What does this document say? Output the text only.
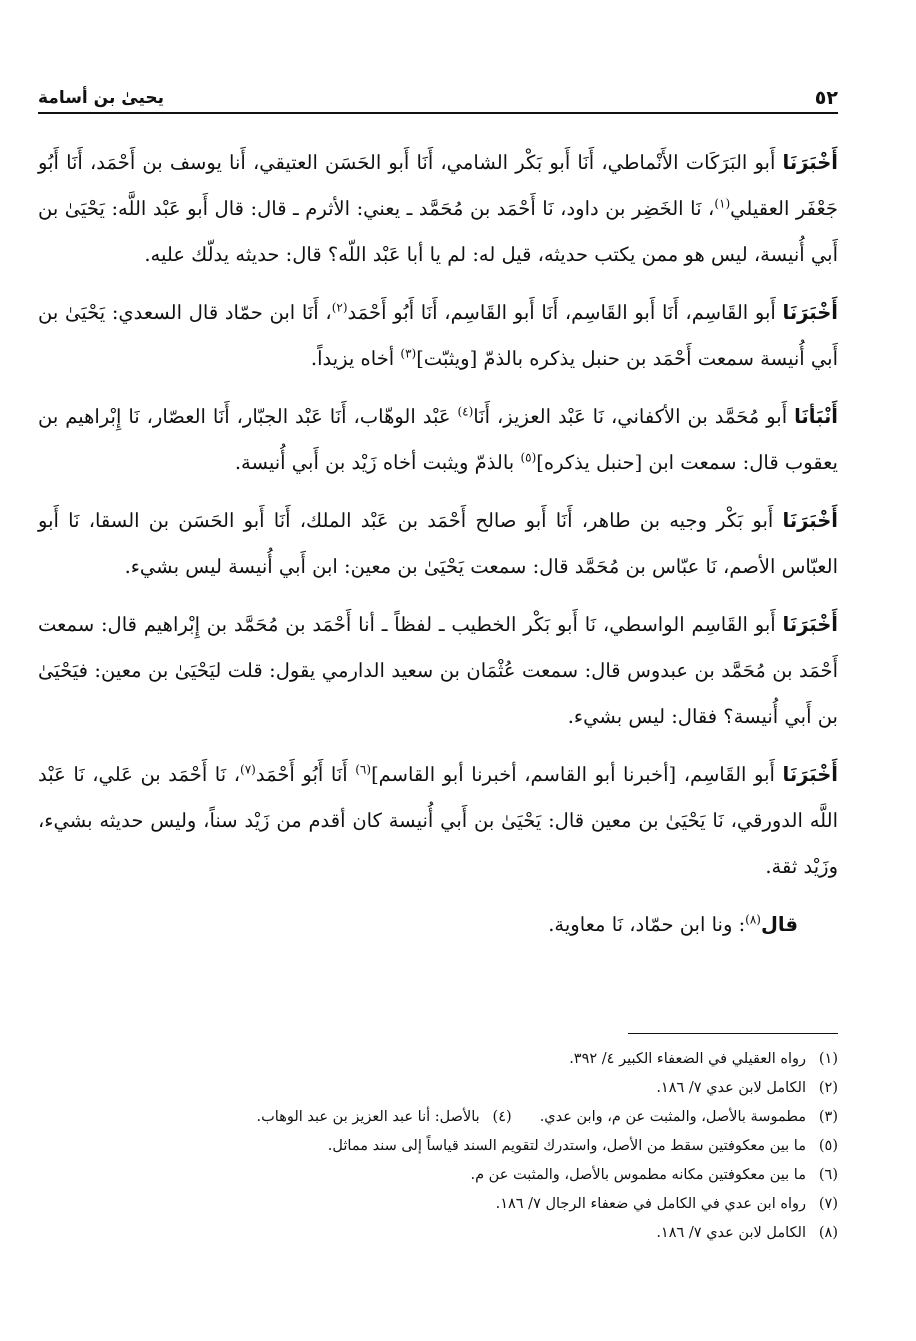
٥٢
يحيىٰ بن أسامة

أَخْبَرَنَا أَبو البَرَكَات الأَنْماطي، أَنَا أَبو بَكْر الشامي، أَنَا أَبو الحَسَن العتيقي، أَنا يوسف بن أَحْمَد، أَنَا أَبُو جَعْفَر العقيلي$^{(١)}$، نَا الخَضِر بن داود، نَا أَحْمَد بن مُحَمَّد ـ يعني: الأثرم ـ قال: قال أَبو عَبْد اللَّه: يَحْيَىٰ بن أَبي أُنيسة، ليس هو ممن يكتب حديثه، قيل له: لم يا أبا عَبْد اللّه؟ قال: حديثه يدلّك عليه.

أَخْبَرَنَا أَبو القَاسِم، أَنَا أَبو القَاسِم، أَنَا أَبو القَاسِم، أَنَا أَبُو أَحْمَد$^{(٢)}$، أَنَا ابن حمّاد قال السعدي: يَحْيَىٰ بن أَبي أُنيسة سمعت أَحْمَد بن حنبل يذكره بالذمّ [ويثبّت]$^{(٣)}$ أخاه يزيداً.

أَنْبَأنَا أَبو مُحَمَّد بن الأكفاني، نَا عَبْد العزيز، أَنَا$^{(٤)}$ عَبْد الوهّاب، أَنَا عَبْد الجبّار، أَنَا العصّار، نَا إِبْراهيم بن يعقوب قال: سمعت ابن [حنبل يذكره]$^{(٥)}$ بالذمّ ويثبت أخاه زَيْد بن أَبي أُنيسة.

أَخْبَرَنَا أَبو بَكْر وجيه بن طاهر، أَنَا أَبو صالح أَحْمَد بن عَبْد الملك، أَنَا أَبو الحَسَن بن السقا، نَا أَبو العبّاس الأصم، نَا عبّاس بن مُحَمَّد قال: سمعت يَحْيَىٰ بن معين: ابن أَبي أُنيسة ليس بشيء.

أَخْبَرَنَا أَبو القَاسِم الواسطي، نَا أَبو بَكْر الخطيب ـ لفظاً ـ أنا أَحْمَد بن مُحَمَّد بن إِبْراهيم قال: سمعت أَحْمَد بن مُحَمَّد بن عبدوس قال: سمعت عُثْمَان بن سعيد الدارمي يقول: قلت ليَحْيَىٰ بن معين: فيَحْيَىٰ بن أَبي أُنيسة؟ فقال: ليس بشيء.

أَخْبَرَنَا أَبو القَاسِم، [أخبرنا أبو القاسم، أخبرنا أبو القاسم]$^{(٦)}$ أَنَا أَبُو أَحْمَد$^{(٧)}$، نَا أَحْمَد بن عَلي، نَا عَبْد اللَّه الدورقي، نَا يَحْيَىٰ بن معين قال: يَحْيَىٰ بن أَبي أُنيسة كان أقدم من زَيْد سناً، وليس حديثه بشيء، وزَيْد ثقة.

قال$^{(٨)}$: ونا ابن حمّاد، نَا معاوية.

(١)رواه العقيلي في الضعفاء الكبير ٤/ ٣٩٢.
(٢)الكامل لابن عدي ٧/ ١٨٦.
(٣)مطموسة بالأصل، والمثبت عن م، وابن عدي.(٤)بالأصل: أنا عبد العزيز بن عبد الوهاب.
(٥)ما بين معكوفتين سقط من الأصل، واستدرك لتقويم السند قياساً إلى سند مماثل.
(٦)ما بين معكوفتين مكانه مطموس بالأصل، والمثبت عن م.
(٧)رواه ابن عدي في الكامل في ضعفاء الرجال ٧/ ١٨٦.
(٨)الكامل لابن عدي ٧/ ١٨٦.
